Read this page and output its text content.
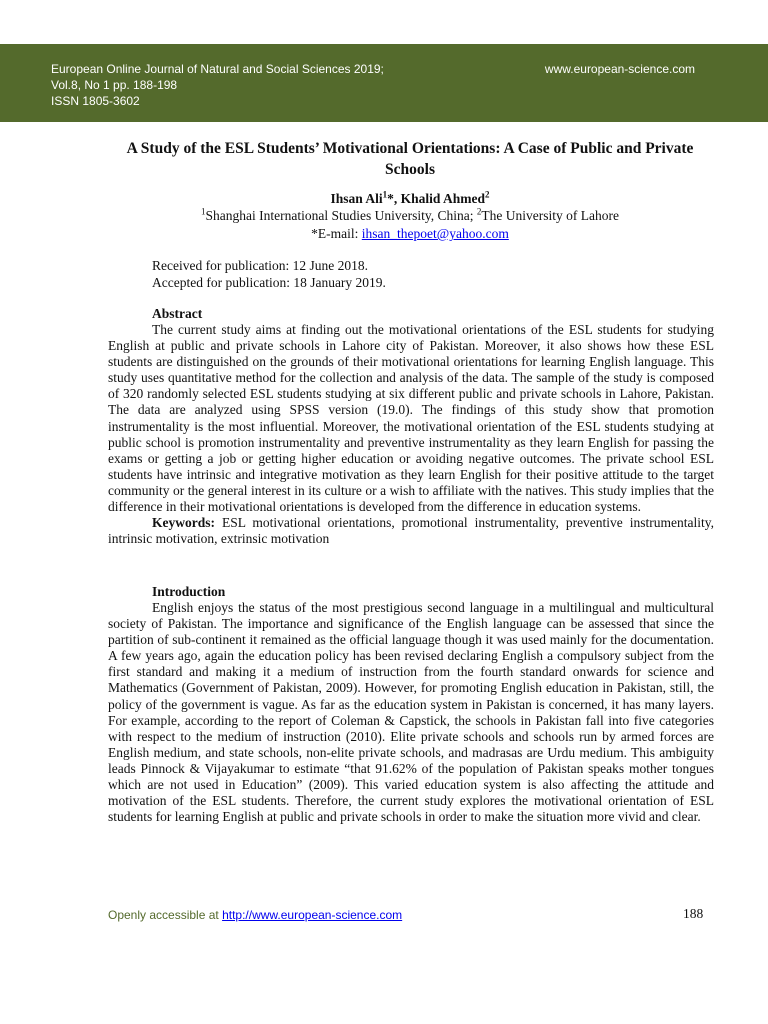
European Online Journal of Natural and Social Sciences 2019;
Vol.8, No 1 pp. 188-198
ISSN 1805-3602
www.european-science.com
A Study of the ESL Students’ Motivational Orientations: A Case of Public and Private Schools
Ihsan Ali$^1$*, Khalid Ahmed$^2$
$^1$Shanghai International Studies University, China; $^2$The University of Lahore
*E-mail: ihsan_thepoet@yahoo.com
Received for publication: 12 June 2018.
Accepted for publication: 18 January 2019.
Abstract

The current study aims at finding out the motivational orientations of the ESL students for studying English at public and private schools in Lahore city of Pakistan. Moreover, it also shows how these ESL students are distinguished on the grounds of their motivational orientations for learning English language. This study uses quantitative method for the collection and analysis of the data. The sample of the study is composed of 320 randomly selected ESL students studying at six different public and private schools in Lahore, Pakistan. The data are analyzed using SPSS version (19.0). The findings of this study show that promotion instrumentality is the most influential. Moreover, the motivational orientation of the ESL students studying at public school is promotion instrumentality and preventive instrumentality as they learn English for passing the exams or getting a job or getting higher education or avoiding negative outcomes. The private school ESL students have intrinsic and integrative motivation as they learn English for their positive attitude to the target community or the general interest in its culture or a wish to affiliate with the natives. This study implies that the difference in their motivational orientations is developed from the difference in education systems.

Keywords: ESL motivational orientations, promotional instrumentality, preventive instrumentality, intrinsic motivation, extrinsic motivation

Introduction

English enjoys the status of the most prestigious second language in a multilingual and multicultural society of Pakistan. The importance and significance of the English language can be assessed that since the partition of sub-continent it remained as the official language though it was used mainly for the documentation. A few years ago, again the education policy has been revised declaring English a compulsory subject from the first standard and making it a medium of instruction from the fourth standard onwards for science and Mathematics (Government of Pakistan, 2009). However, for promoting English education in Pakistan, still, the policy of the government is vague. As far as the education system in Pakistan is concerned, it has many layers. For example, according to the report of Coleman & Capstick, the schools in Pakistan fall into five categories with respect to the medium of instruction (2010). Elite private schools and schools run by armed forces are English medium, and state schools, non-elite private schools, and madrasas are Urdu medium. This ambiguity leads Pinnock & Vijayakumar to estimate “that 91.62% of the population of Pakistan speaks mother tongues which are not used in Education” (2009). This varied education system is also affecting the attitude and motivation of the ESL students. Therefore, the current study explores the motivational orientation of ESL students for learning English at public and private schools in order to make the situation more vivid and clear.

Openly accessible at http://www.european-science.com	188
